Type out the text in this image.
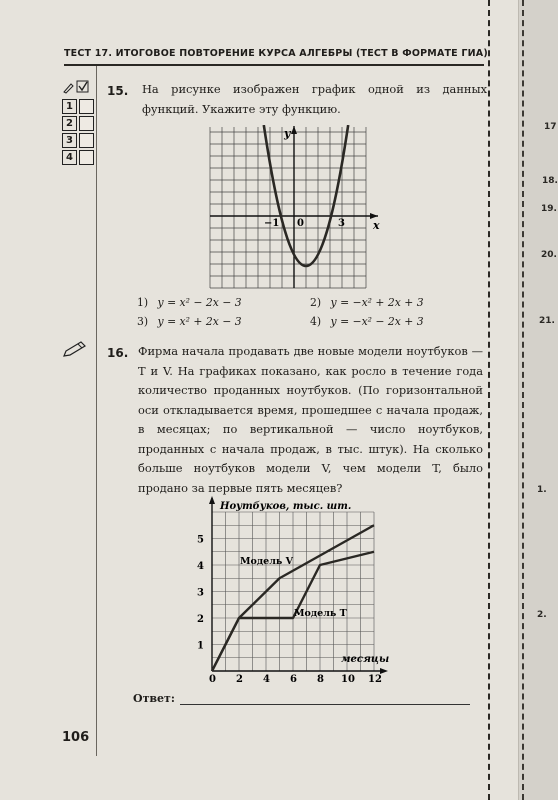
ТЕСТ 17. ИТОГОВОЕ ПОВТОРЕНИЕ КУРСА АЛГЕБРЫ (ТЕСТ В ФОРМАТЕ ГИА)
1
2
3
4
15. На рисунке изображен график одной из данных функций. Укажите эту функцию.
x
y
−1 0	3
1) y = x² − 2x − 3	2) y = −x² + 2x + 3
3) y = x² + 2x − 3	4) y = −x² − 2x + 3
16. Фирма начала продавать две новые модели ноутбуков — T и V. На графиках показано, как росло в течение года количество проданных ноутбуков. (По горизонтальной оси откладывается время, прошедшее с начала продаж, в месяцах; по вертикальной — число ноутбуков, проданных с начала продаж, в тыс. штук). На сколько больше ноутбуков модели V, чем модели T, было продано за первые пять месяцев?
0 2 4 6 8 10 12
1
2
3
4
5
Ноутбуков, тыс. шт.
месяцы
Модель V
Модель T
Ответ:
106
17
18.
19.
20.
21.
1.
2.
